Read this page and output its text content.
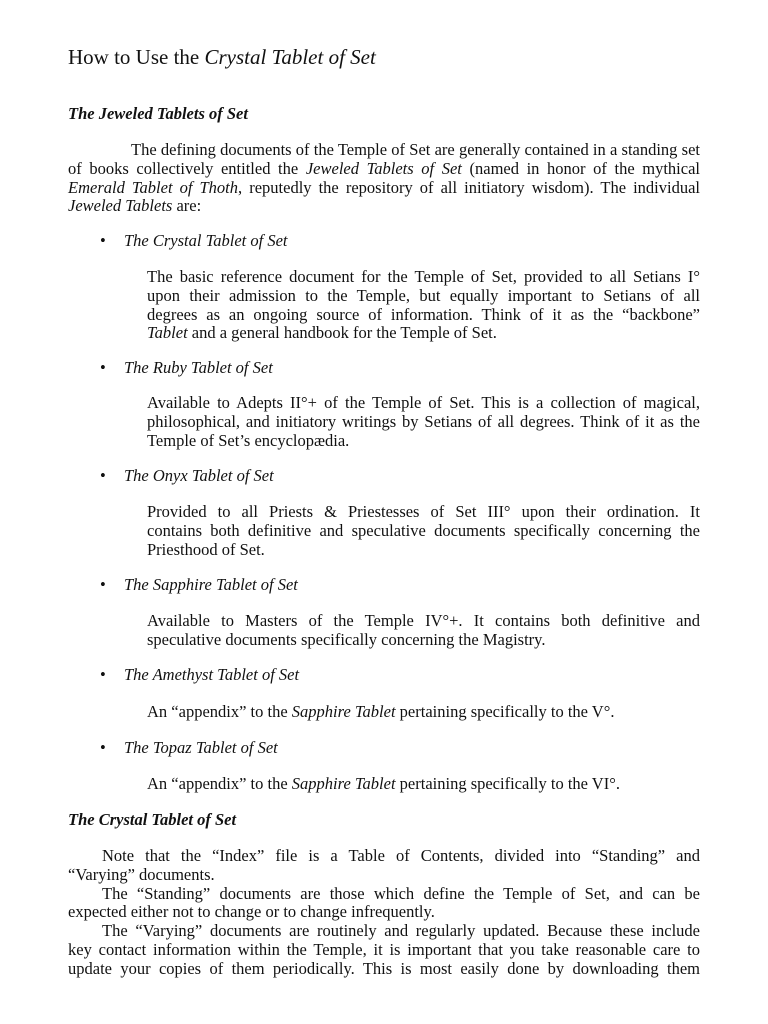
How to Use the Crystal Tablet of Set
The Jeweled Tablets of Set
The defining documents of the Temple of Set are generally contained in a standing set
of books collectively entitled the Jeweled Tablets of Set (named in honor of the mythical
Emerald Tablet of Thoth, reputedly the repository of all initiatory wisdom). The individual
Jeweled Tablets are:
• The Crystal Tablet of Set
The basic reference document for the Temple of Set, provided to all Setians I°
upon their admission to the Temple, but equally important to Setians of all
degrees as an ongoing source of information. Think of it as the “backbone”
Tablet and a general handbook for the Temple of Set.
• The Ruby Tablet of Set
Available to Adepts II°+ of the Temple of Set. This is a collection of magical,
philosophical, and initiatory writings by Setians of all degrees. Think of it as the
Temple of Set’s encyclopædia.
• The Onyx Tablet of Set
Provided to all Priests & Priestesses of Set III° upon their ordination. It
contains both definitive and speculative documents specifically concerning the
Priesthood of Set.
• The Sapphire Tablet of Set
Available to Masters of the Temple IV°+. It contains both definitive and
speculative documents specifically concerning the Magistry.
• The Amethyst Tablet of Set
An “appendix” to the Sapphire Tablet pertaining specifically to the V°.
• The Topaz Tablet of Set
An “appendix” to the Sapphire Tablet pertaining specifically to the VI°.
The Crystal Tablet of Set
Note that the “Index” file is a Table of Contents, divided into “Standing” and
“Varying” documents.
The “Standing” documents are those which define the Temple of Set, and can be
expected either not to change or to change infrequently.
The “Varying” documents are routinely and regularly updated. Because these include
key contact information within the Temple, it is important that you take reasonable care to
update your copies of them periodically. This is most easily done by downloading them
